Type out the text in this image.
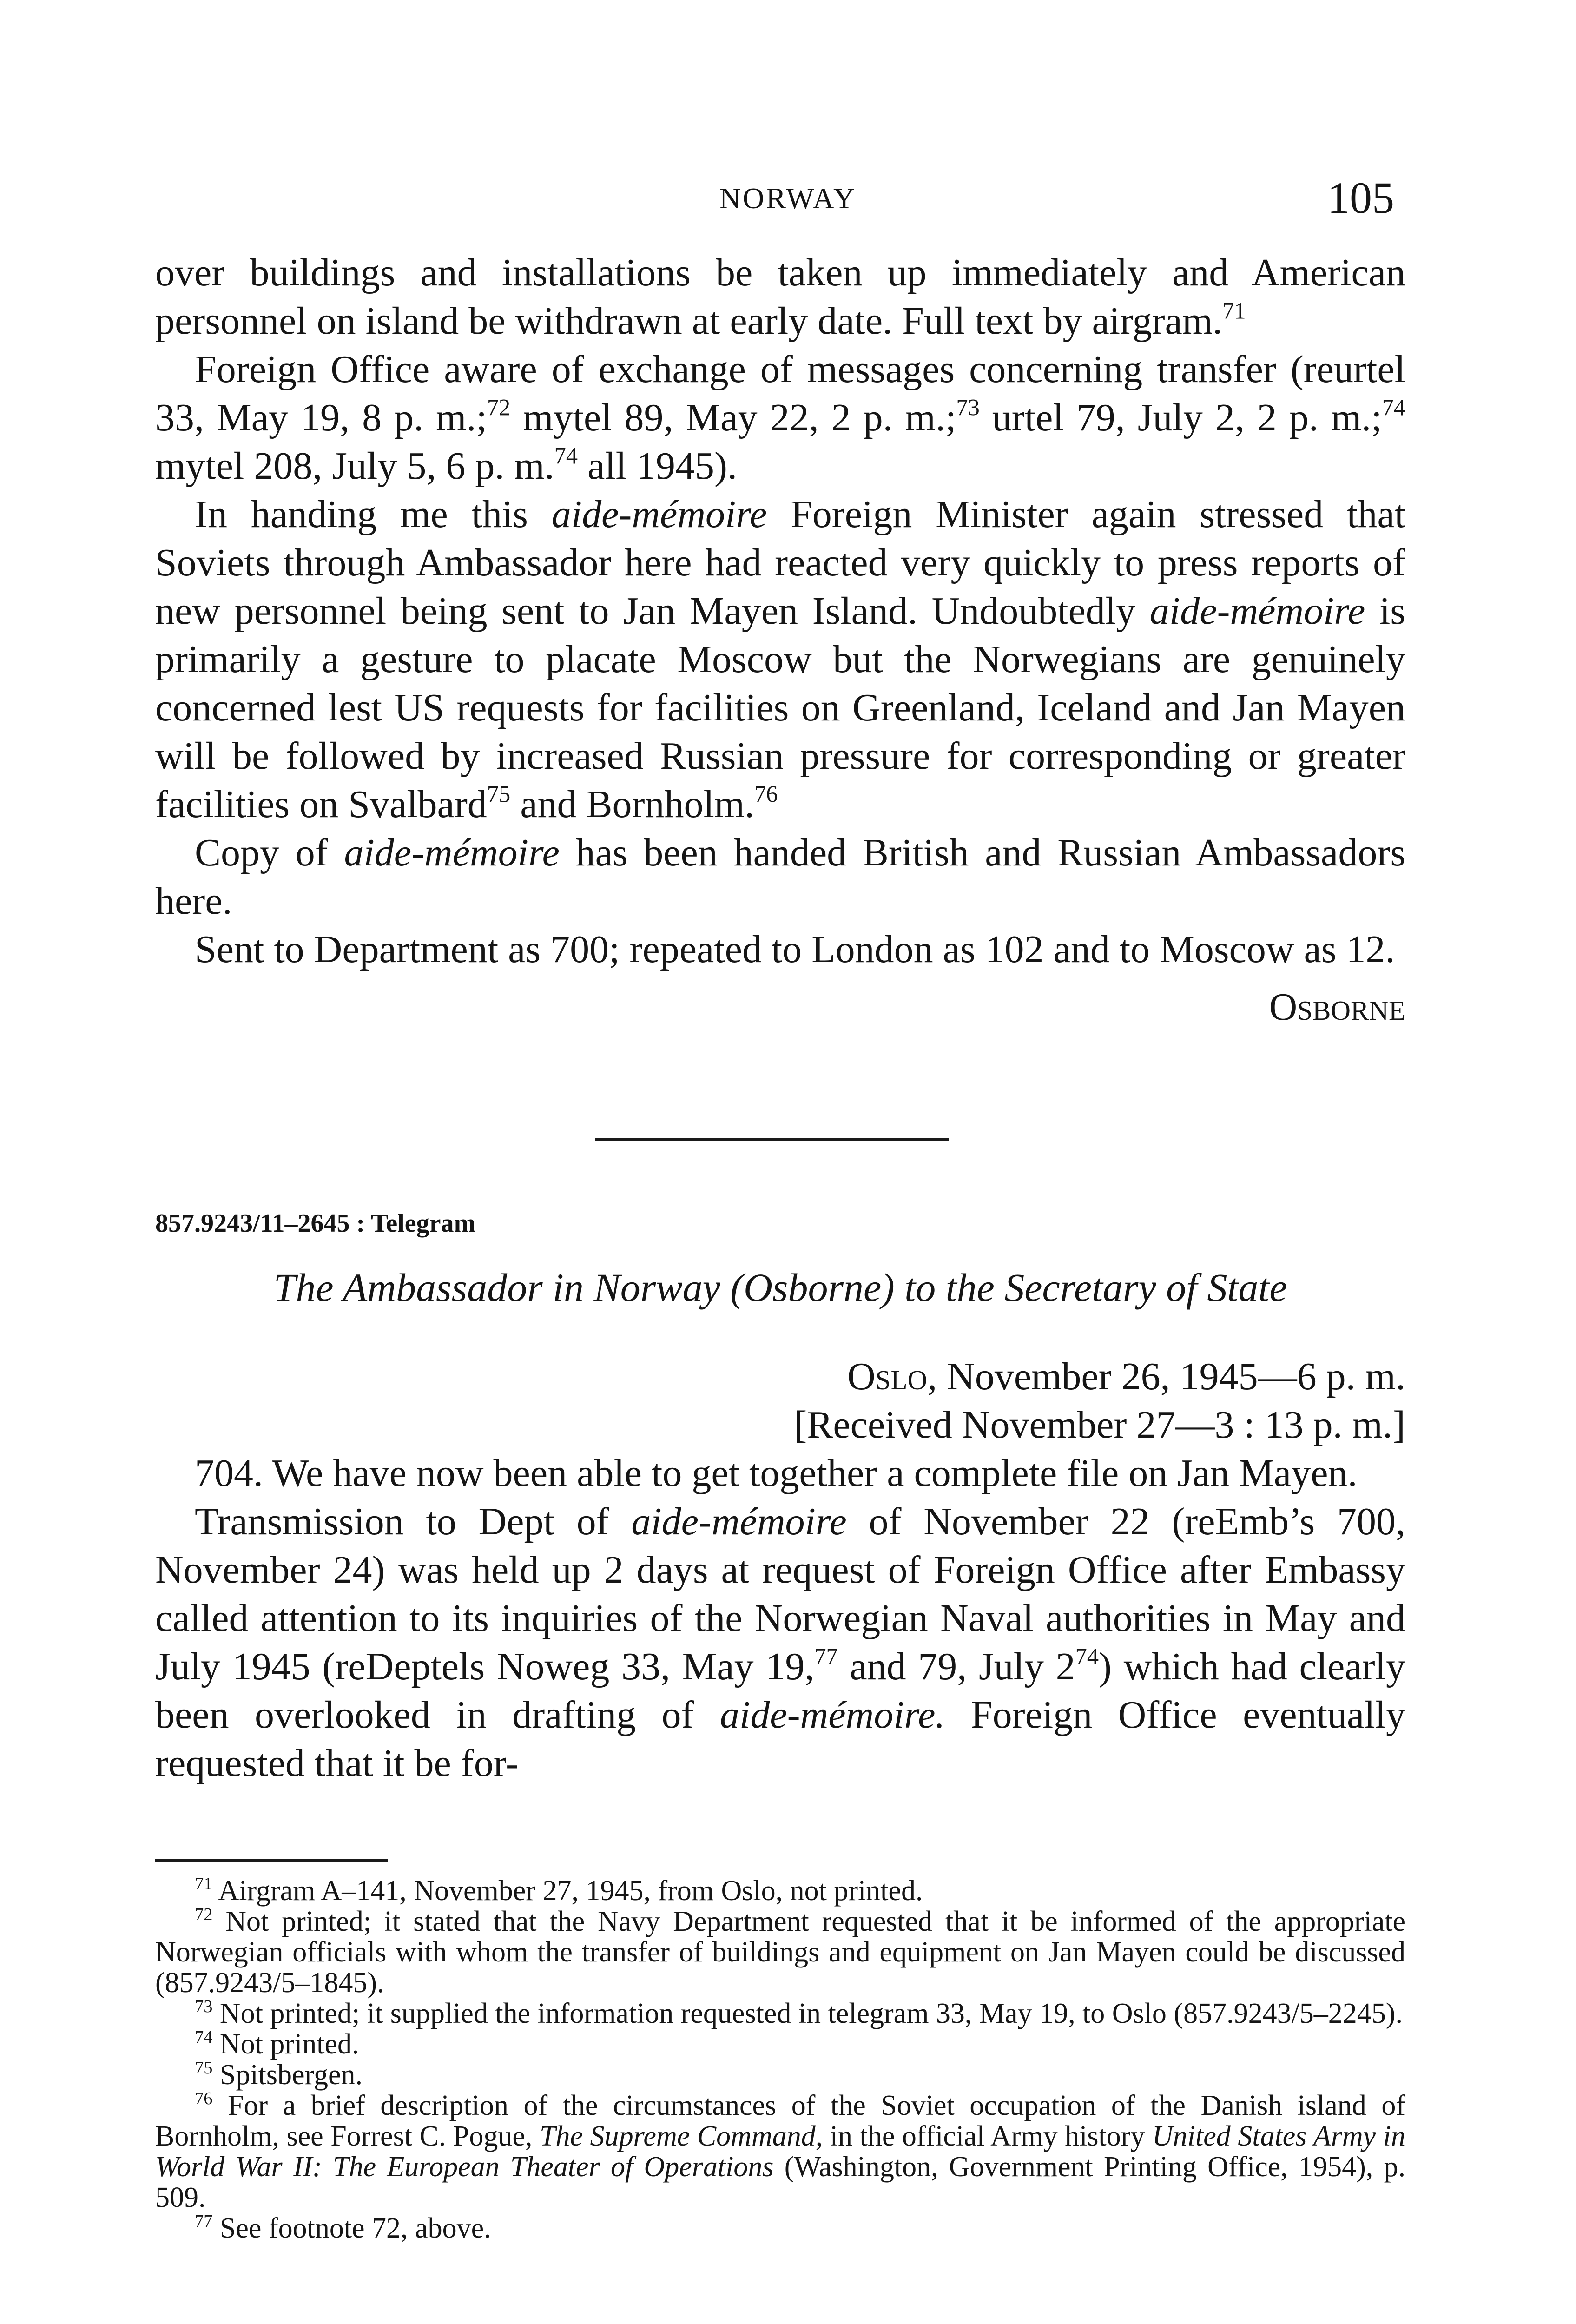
NORWAY	105

over buildings and installations be taken up immediately and American personnel on island be withdrawn at early date. Full text by airgram.$^{71}$

Foreign Office aware of exchange of messages concerning transfer (reurtel 33, May 19, 8 p. m.;$^{72}$ mytel 89, May 22, 2 p. m.;$^{73}$ urtel 79, July 2, 2 p. m.;$^{74}$ mytel 208, July 5, 6 p. m.$^{74}$ all 1945).

In handing me this aide-mémoire Foreign Minister again stressed that Soviets through Ambassador here had reacted very quickly to press reports of new personnel being sent to Jan Mayen Island. Undoubtedly aide-mémoire is primarily a gesture to placate Moscow but the Norwegians are genuinely concerned lest US requests for facilities on Greenland, Iceland and Jan Mayen will be followed by increased Russian pressure for corresponding or greater facilities on Svalbard$^{75}$ and Bornholm.$^{76}$

Copy of aide-mémoire has been handed British and Russian Ambassadors here.

Sent to Department as 700; repeated to London as 102 and to Moscow as 12.

Osborne

857.9243/11–2645 : Telegram
The Ambassador in Norway (Osborne) to the Secretary of State

Oslo, November 26, 1945—6 p. m.

[Received November 27—3 : 13 p. m.]

704. We have now been able to get together a complete file on Jan Mayen.

Transmission to Dept of aide-mémoire of November 22 (reEmb’s 700, November 24) was held up 2 days at request of Foreign Office after Embassy called attention to its inquiries of the Norwegian Naval authorities in May and July 1945 (reDeptels Noweg 33, May 19,77 and 79, July 2$^{74}$) which had clearly been overlooked in drafting of aide-mémoire. Foreign Office eventually requested that it be for-

$^{71}$ Airgram A–141, November 27, 1945, from Oslo, not printed.

$^{72}$ Not printed; it stated that the Navy Department requested that it be informed of the appropriate Norwegian officials with whom the transfer of buildings and equipment on Jan Mayen could be discussed (857.9243/5–1845).

$^{73}$ Not printed; it supplied the information requested in telegram 33, May 19, to Oslo (857.9243/5–2245).

$^{74}$ Not printed.

$^{75}$ Spitsbergen.

$^{76}$ For a brief description of the circumstances of the Soviet occupation of the Danish island of Bornholm, see Forrest C. Pogue, The Supreme Command, in the official Army history United States Army in World War II: The European Theater of Operations (Washington, Government Printing Office, 1954), p. 509.

$^{77}$ See footnote 72, above.
